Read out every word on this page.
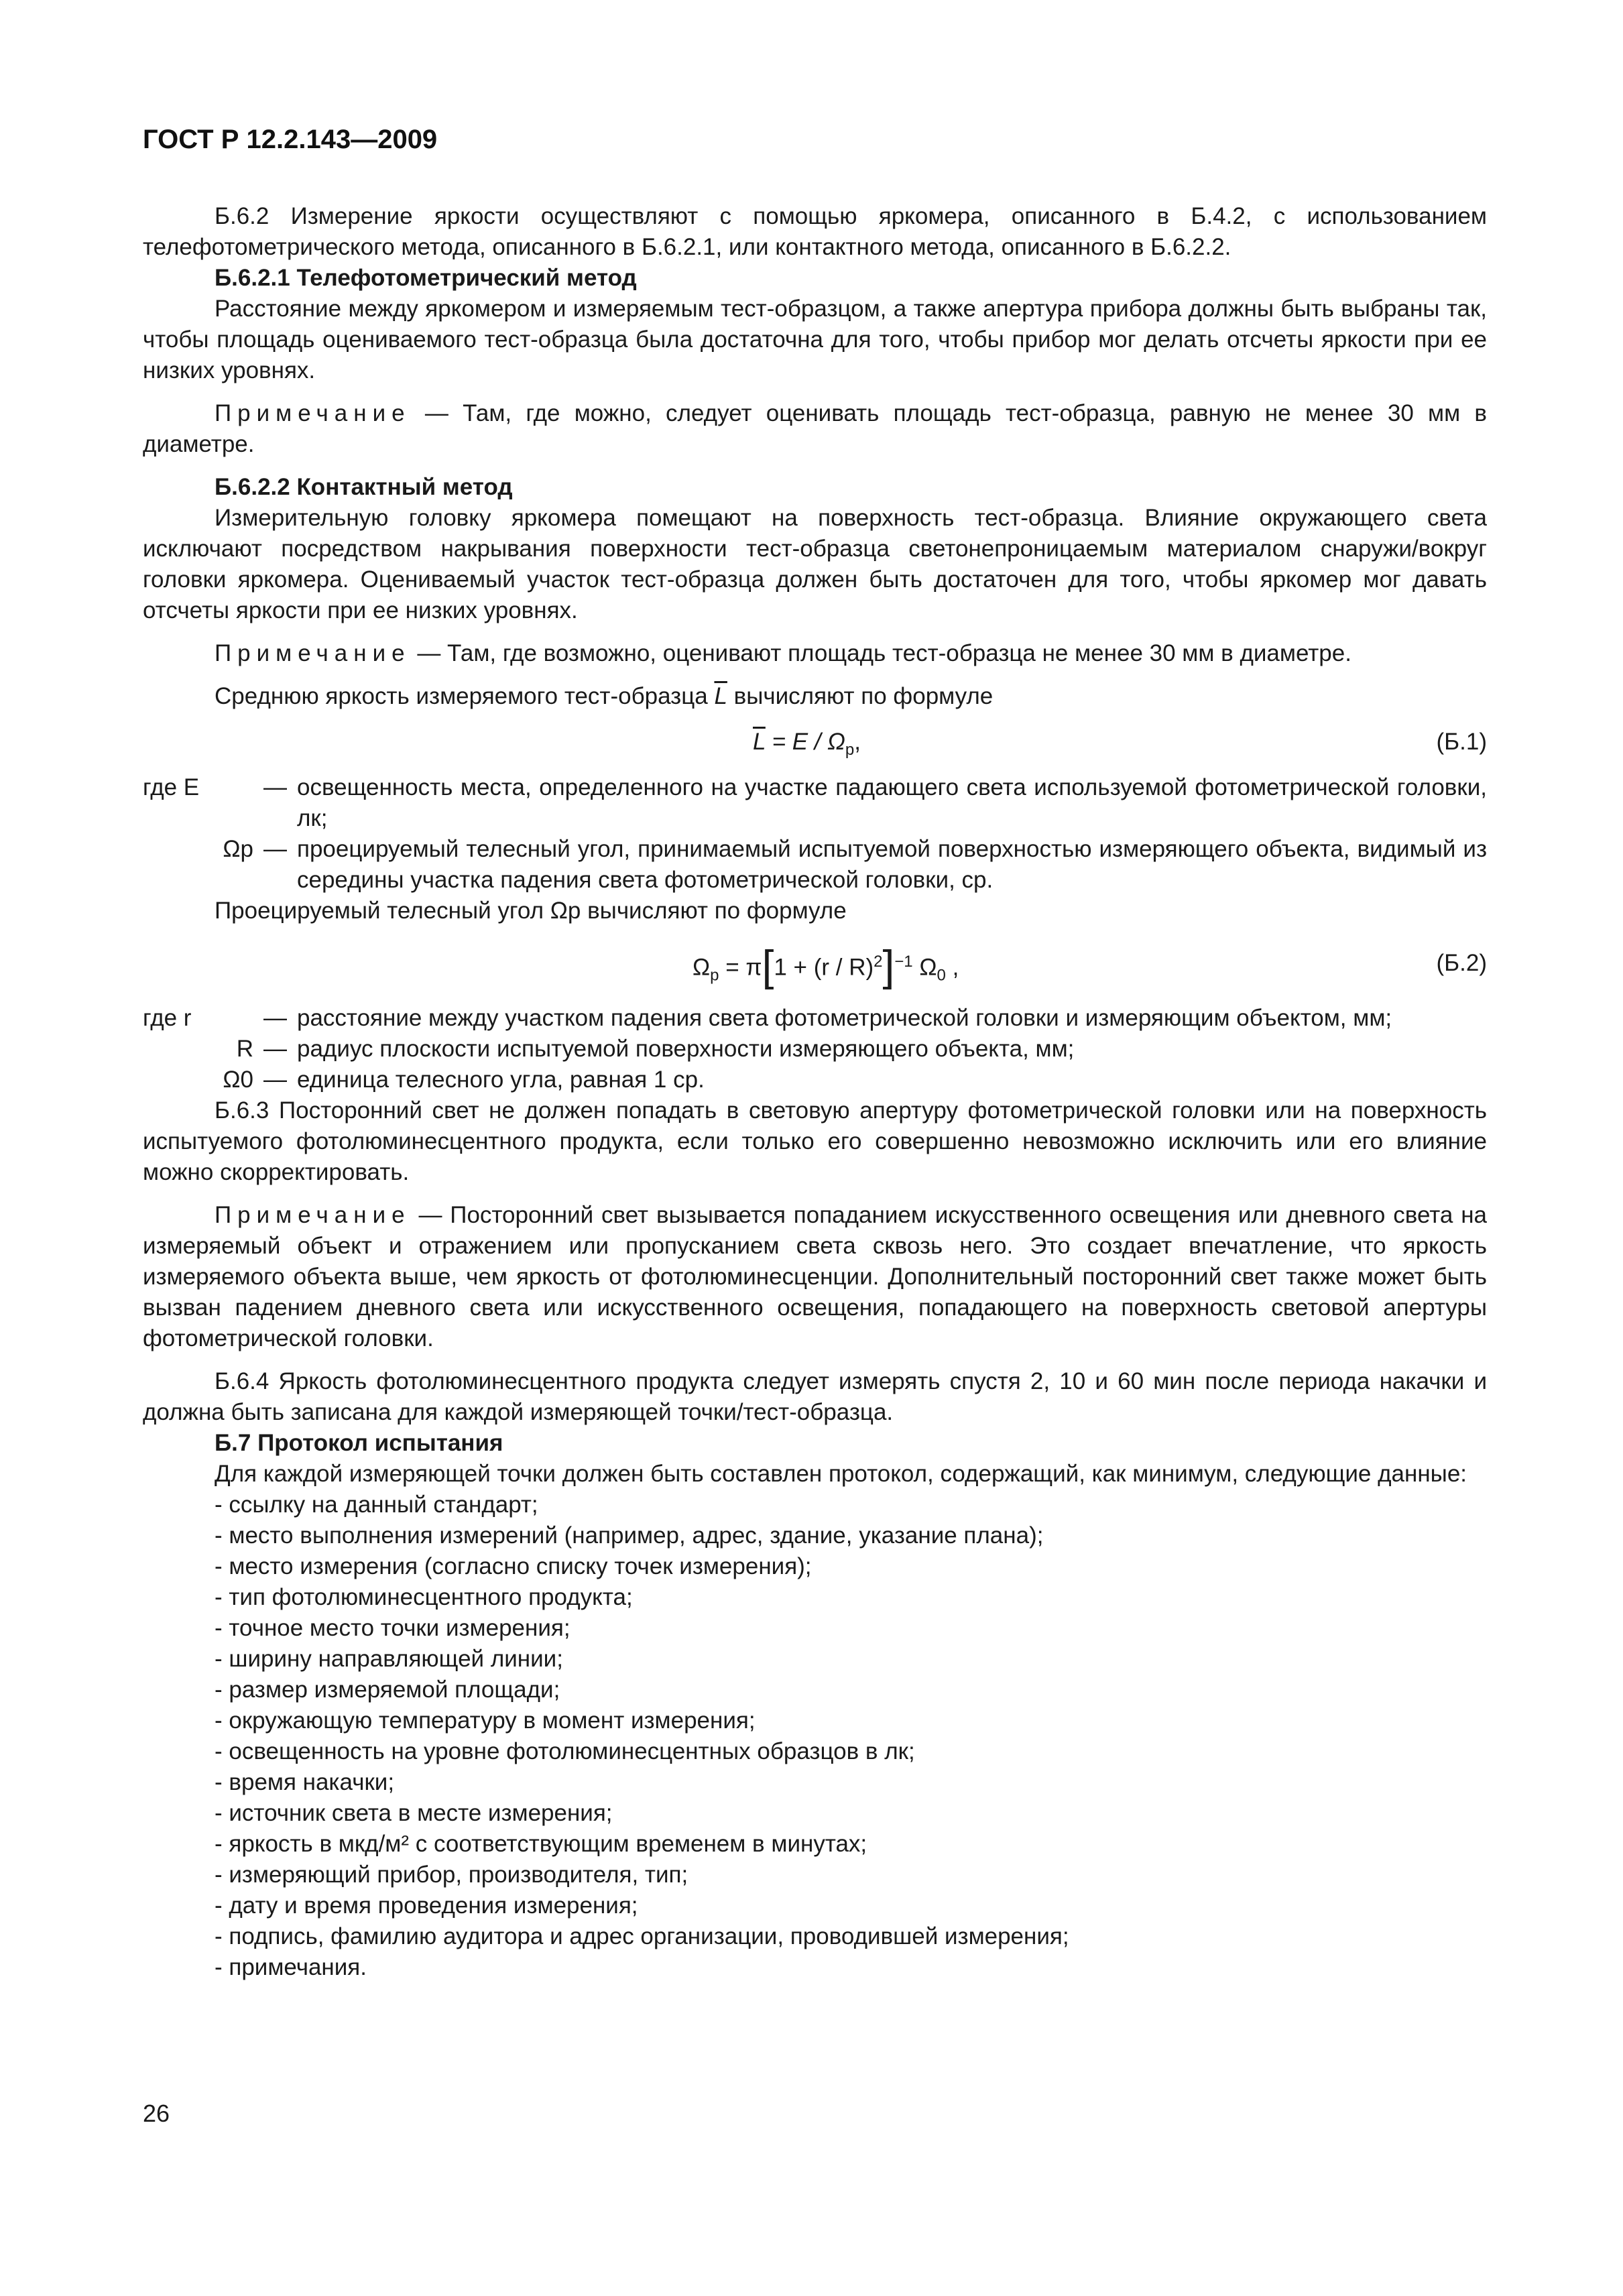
ГОСТ Р 12.2.143—2009

Б.6.2 Измерение яркости осуществляют с помощью яркомера, описанного в Б.4.2, с использованием телефотометрического метода, описанного в Б.6.2.1, или контактного метода, описанного в Б.6.2.2.

Б.6.2.1 Телефотометрический метод

Расстояние между яркомером и измеряемым тест-образцом, а также апертура прибора должны быть выбраны так, чтобы площадь оцениваемого тест-образца была достаточна для того, чтобы прибор мог делать отсчеты яркости при ее низких уровнях.

Примечание — Там, где можно, следует оценивать площадь тест-образца, равную не менее 30 мм в диаметре.

Б.6.2.2 Контактный метод

Измерительную головку яркомера помещают на поверхность тест-образца. Влияние окружающего света исключают посредством накрывания поверхности тест-образца светонепроницаемым материалом снаружи/вокруг головки яркомера. Оцениваемый участок тест-образца должен быть достаточен для того, чтобы яркомер мог давать отсчеты яркости при ее низких уровнях.

Примечание — Там, где возможно, оценивают площадь тест-образца не менее 30 мм в диаметре.

Среднюю яркость измеряемого тест-образца $\overline{L}$ вычисляют по формуле

$\overline{L} = E / \Omega_p$,	(Б.1)
где E	— освещенность места, определенного на участке падающего света используемой фотометрической головки, лк;
Ωp — проецируемый телесный угол, принимаемый испытуемой поверхностью измеряющего объекта, видимый из середины участка падения света фотометрической головки, ср.

Проецируемый телесный угол Ωp вычисляют по формуле

$\Omega_p = \pi[1 + (r / R)^2]^{-1}$ $\Omega_0$ ,	(Б.2)
где r	— расстояние между участком падения света фотометрической головки и измеряющим объектом, мм;
R — радиус плоскости испытуемой поверхности измеряющего объекта, мм;
Ω0 — единица телесного угла, равная 1 ср.

Б.6.3 Посторонний свет не должен попадать в световую апертуру фотометрической головки или на поверхность испытуемого фотолюминесцентного продукта, если только его совершенно невозможно исключить или его влияние можно скорректировать.

Примечание — Посторонний свет вызывается попаданием искусственного освещения или дневного света на измеряемый объект и отражением или пропусканием света сквозь него. Это создает впечатление, что яркость измеряемого объекта выше, чем яркость от фотолюминесценции. Дополнительный посторонний свет также может быть вызван падением дневного света или искусственного освещения, попадающего на поверхность световой апертуры фотометрической головки.

Б.6.4 Яркость фотолюминесцентного продукта следует измерять спустя 2, 10 и 60 мин после периода накачки и должна быть записана для каждой измеряющей точки/тест-образца.

Б.7 Протокол испытания

Для каждой измеряющей точки должен быть составлен протокол, содержащий, как минимум, следующие данные:

- ссылку на данный стандарт;
- место выполнения измерений (например, адрес, здание, указание плана);
- место измерения (согласно списку точек измерения);
- тип фотолюминесцентного продукта;
- точное место точки измерения;
- ширину направляющей линии;
- размер измеряемой площади;
- окружающую температуру в момент измерения;
- освещенность на уровне фотолюминесцентных образцов в лк;
- время накачки;
- источник света в месте измерения;
- яркость в мкд/м² с соответствующим временем в минутах;
- измеряющий прибор, производителя, тип;
- дату и время проведения измерения;
- подпись, фамилию аудитора и адрес организации, проводившей измерения;
- примечания.
26
